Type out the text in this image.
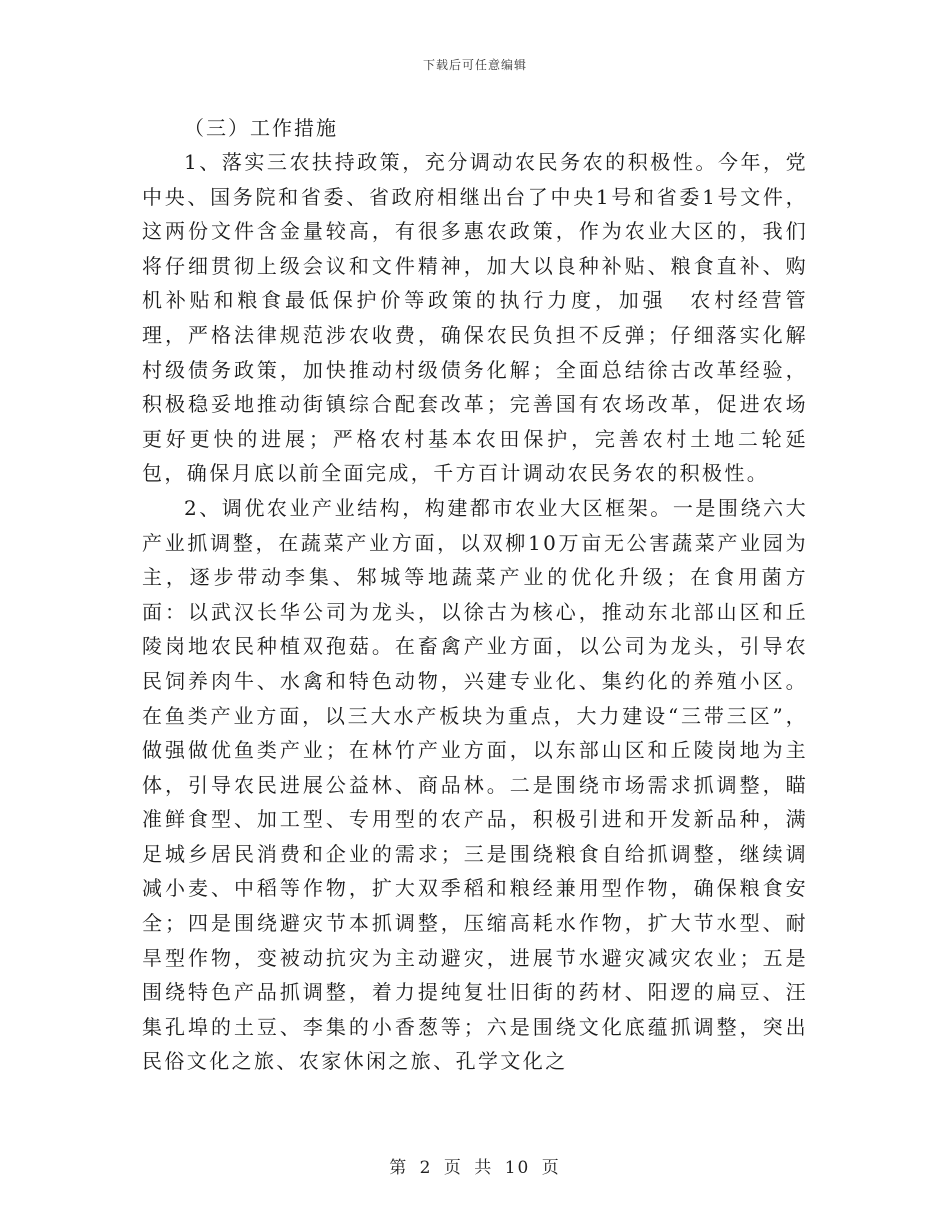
下载后可任意编辑

（三）工作措施

1、落实三农扶持政策，充分调动农民务农的积极性。今年，党中央、国务院和省委、省政府相继出台了中央1号和省委1号文件，这两份文件含金量较高，有很多惠农政策，作为农业大区的，我们将仔细贯彻上级会议和文件精神，加大以良种补贴、粮食直补、购机补贴和粮食最低保护价等政策的执行力度，加强　农村经营管理，严格法律规范涉农收费，确保农民负担不反弹；仔细落实化解村级债务政策，加快推动村级债务化解；全面总结徐古改革经验，积极稳妥地推动街镇综合配套改革；完善国有农场改革，促进农场更好更快的进展；严格农村基本农田保护，完善农村土地二轮延包，确保月底以前全面完成，千方百计调动农民务农的积极性。

2、调优农业产业结构，构建都市农业大区框架。一是围绕六大产业抓调整，在蔬菜产业方面，以双柳10万亩无公害蔬菜产业园为主，逐步带动李集、邾城等地蔬菜产业的优化升级；在食用菌方面：以武汉长华公司为龙头，以徐古为核心，推动东北部山区和丘陵岗地农民种植双孢菇。在畜禽产业方面，以公司为龙头，引导农民饲养肉牛、水禽和特色动物，兴建专业化、集约化的养殖小区。在鱼类产业方面，以三大水产板块为重点，大力建设“三带三区”，做强做优鱼类产业；在林竹产业方面，以东部山区和丘陵岗地为主体，引导农民进展公益林、商品林。二是围绕市场需求抓调整，瞄准鲜食型、加工型、专用型的农产品，积极引进和开发新品种，满足城乡居民消费和企业的需求；三是围绕粮食自给抓调整，继续调减小麦、中稻等作物，扩大双季稻和粮经兼用型作物，确保粮食安全；四是围绕避灾节本抓调整，压缩高耗水作物，扩大节水型、耐旱型作物，变被动抗灾为主动避灾，进展节水避灾减灾农业；五是围绕特色产品抓调整，着力提纯复壮旧街的药材、阳逻的扁豆、汪集孔埠的土豆、李集的小香葱等；六是围绕文化底蕴抓调整，突出民俗文化之旅、农家休闲之旅、孔学文化之

第 2 页 共 10 页
